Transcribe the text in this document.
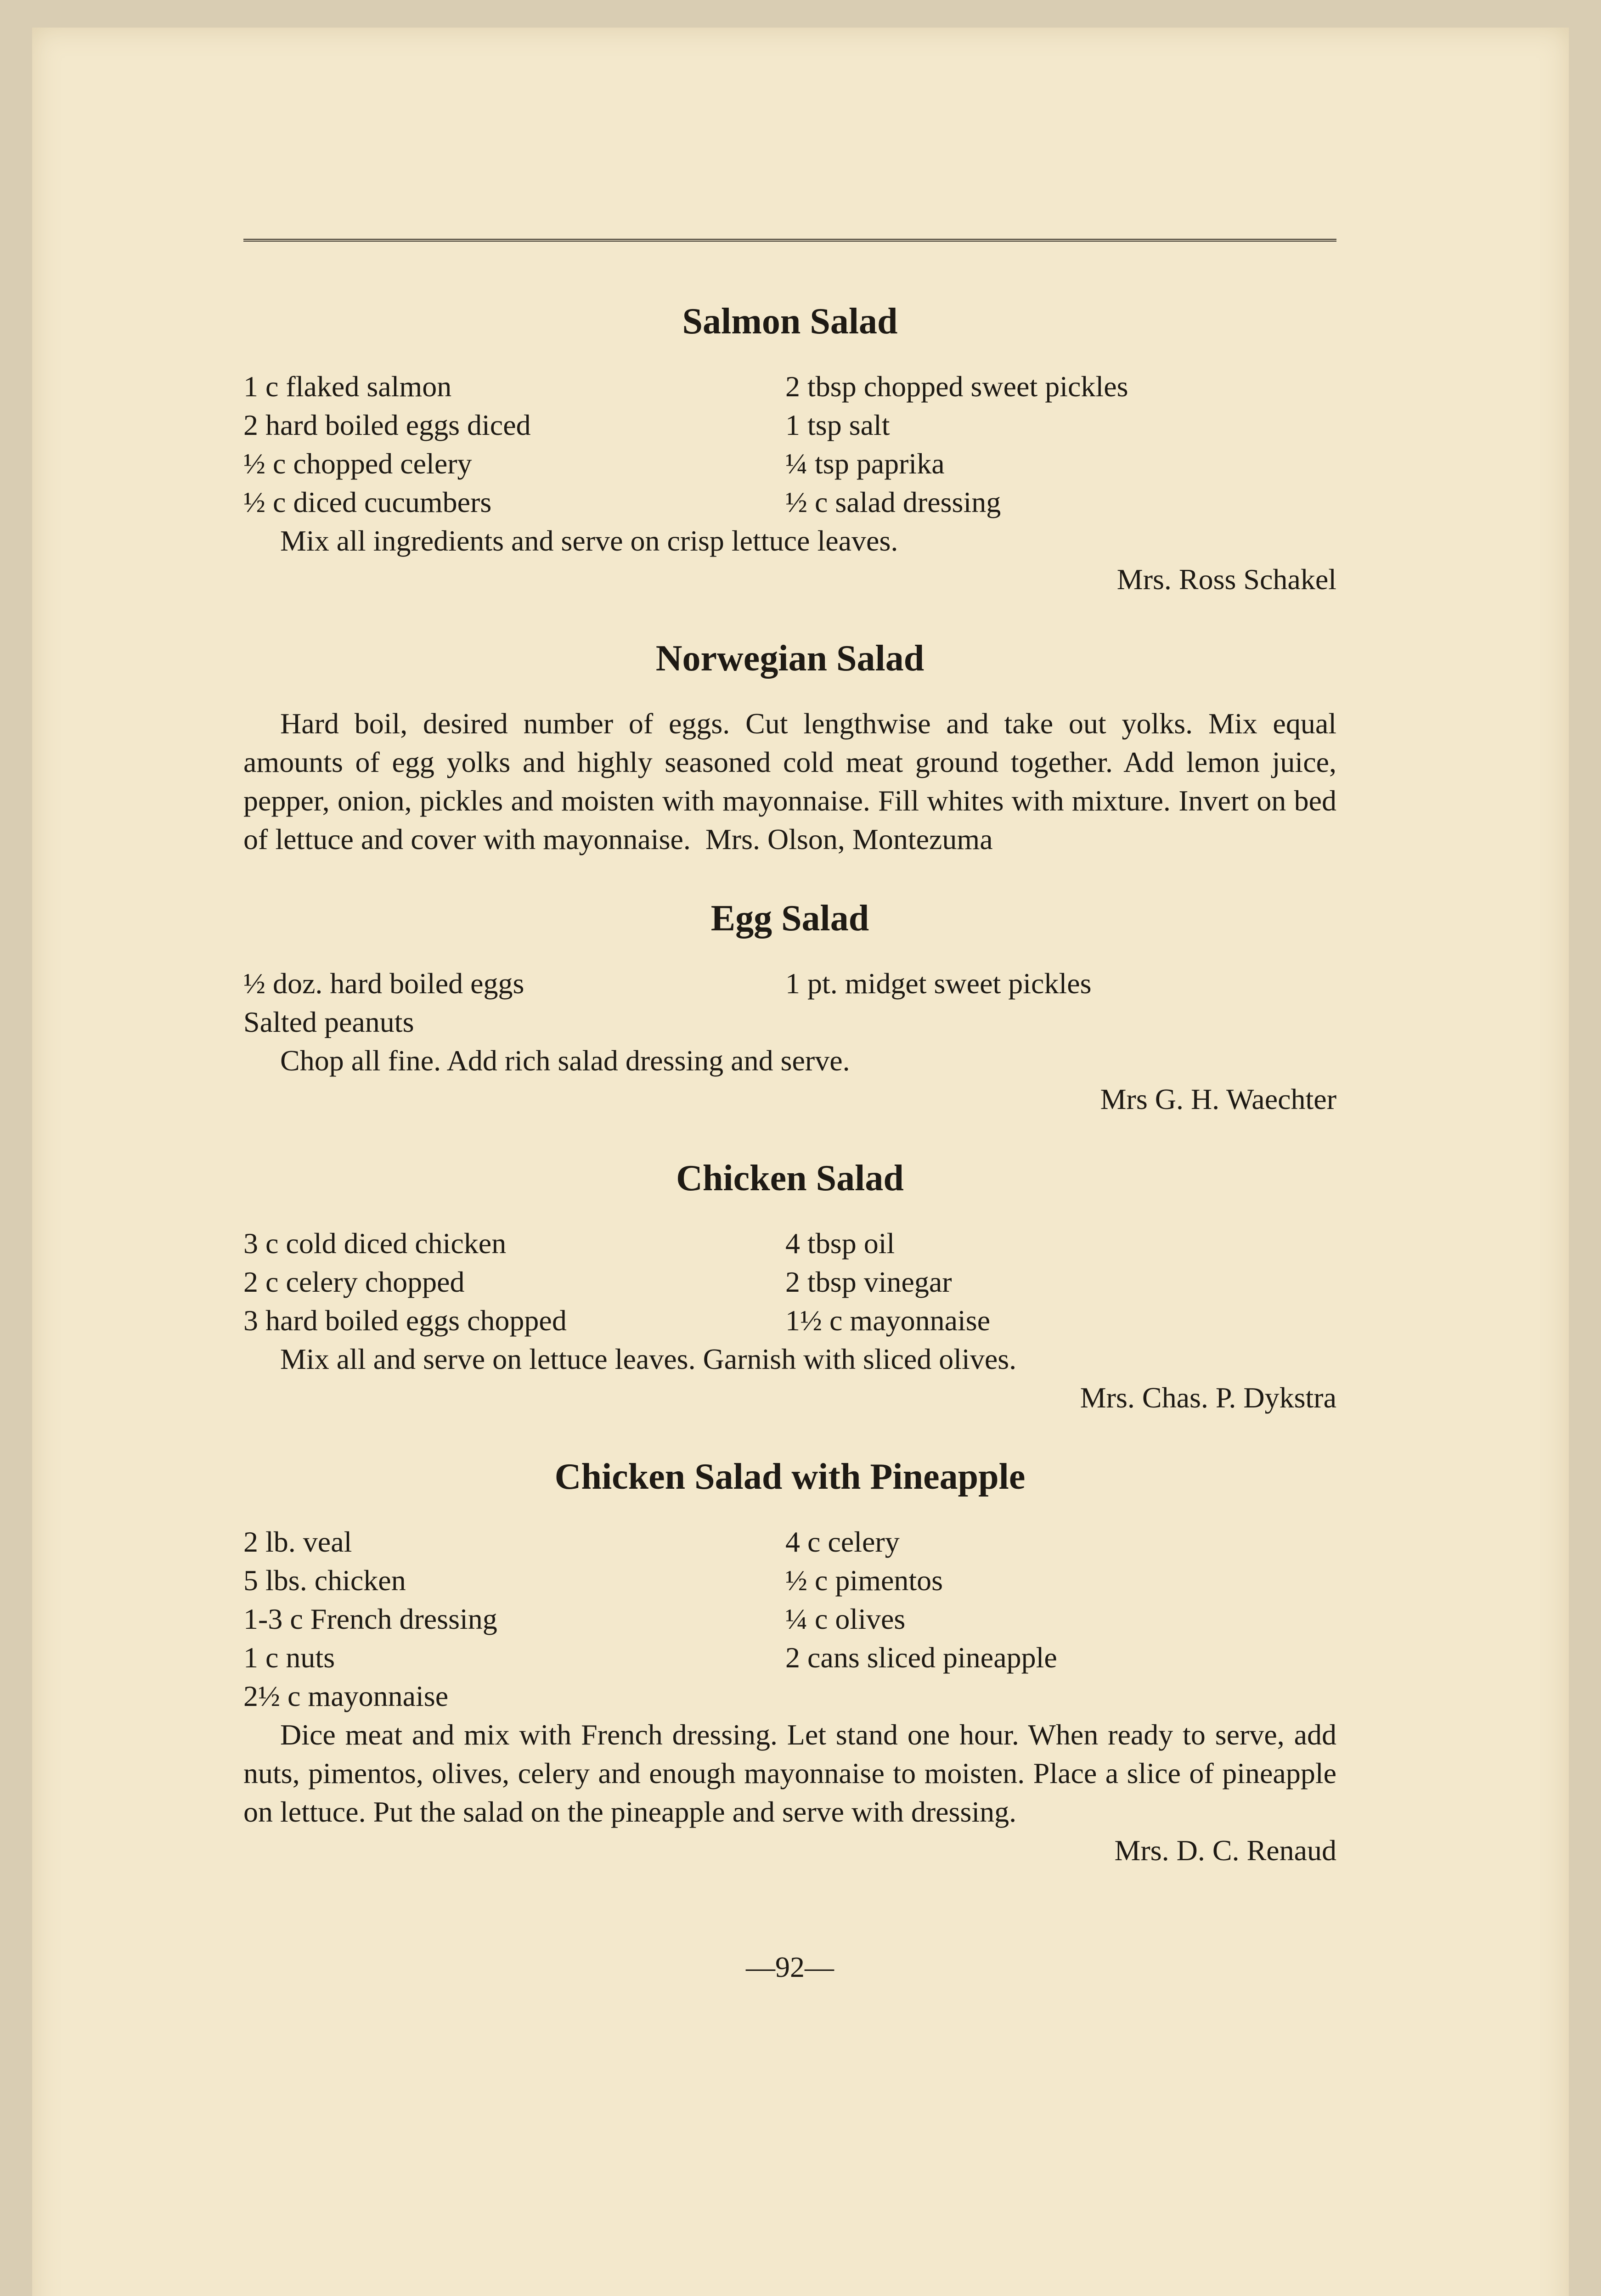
Salmon Salad
1 c flaked salmon
2 hard boiled eggs diced
½ c chopped celery
½ c diced cucumbers
2 tbsp chopped sweet pickles
1 tsp salt
¼ tsp paprika
½ c salad dressing
Mix all ingredients and serve on crisp lettuce leaves.
Mrs. Ross Schakel
Norwegian Salad
Hard boil, desired number of eggs. Cut lengthwise and take out yolks. Mix equal amounts of egg yolks and highly seasoned cold meat ground together. Add lemon juice, pepper, onion, pickles and moisten with mayonnaise. Fill whites with mixture. Invert on bed of lettuce and cover with mayonnaise. Mrs. Olson, Montezuma
Egg Salad
½ doz. hard boiled eggs
Salted peanuts
1 pt. midget sweet pickles
Chop all fine. Add rich salad dressing and serve.
Mrs G. H. Waechter
Chicken Salad
3 c cold diced chicken
2 c celery chopped
3 hard boiled eggs chopped
4 tbsp oil
2 tbsp vinegar
1½ c mayonnaise
Mix all and serve on lettuce leaves. Garnish with sliced olives.
Mrs. Chas. P. Dykstra
Chicken Salad with Pineapple
2 lb. veal
5 lbs. chicken
1-3 c French dressing
1 c nuts
2½ c mayonnaise
4 c celery
½ c pimentos
¼ c olives
2 cans sliced pineapple
Dice meat and mix with French dressing. Let stand one hour. When ready to serve, add nuts, pimentos, olives, celery and enough mayonnaise to moisten. Place a slice of pineapple on lettuce. Put the salad on the pineapple and serve with dressing.
Mrs. D. C. Renaud
—92—
